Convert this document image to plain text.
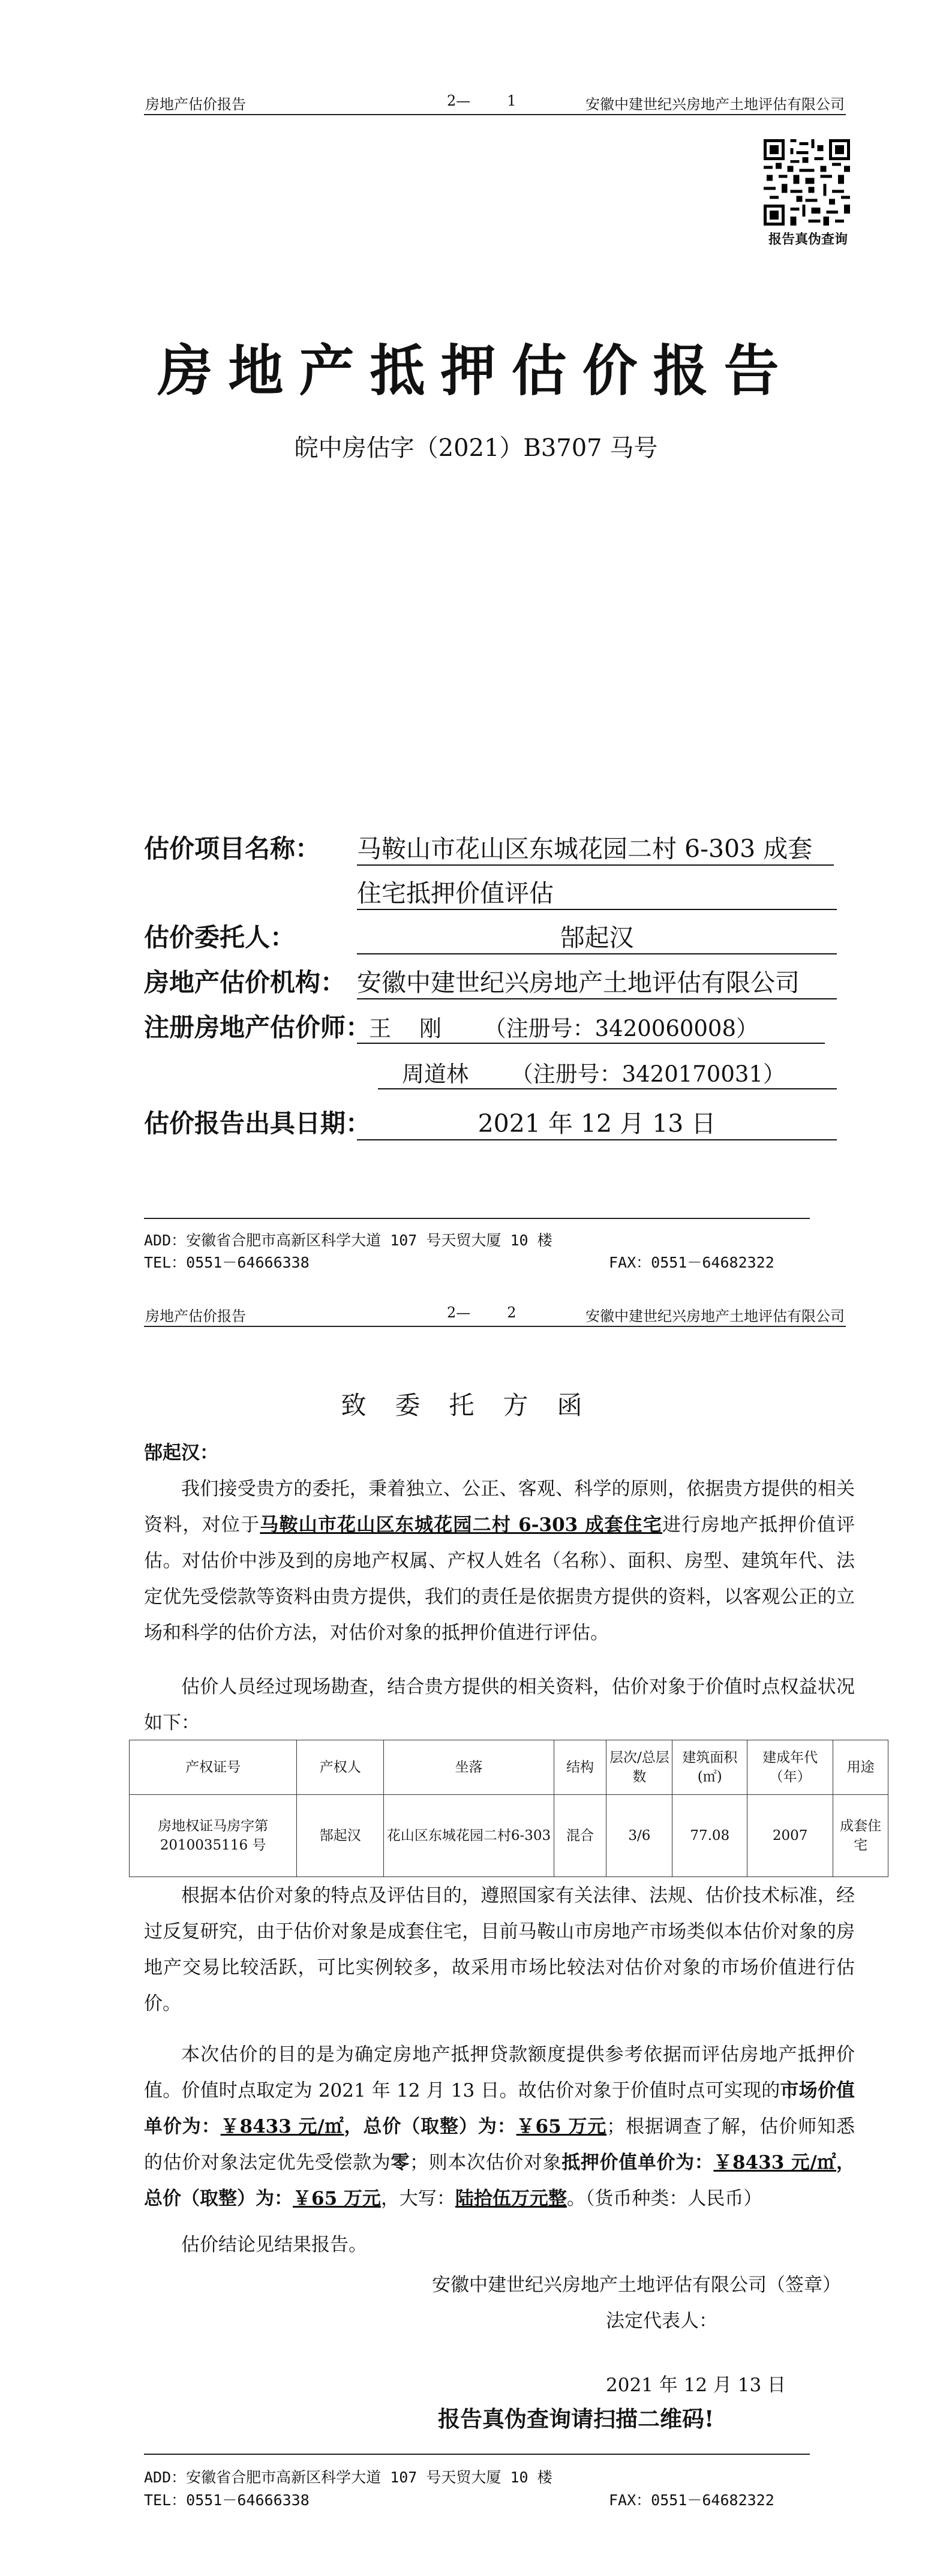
房地产估价报告	2—        1	安徽中建世纪兴房地产土地评估有限公司
报告真伪查询
房地产抵押估价报告
皖中房估字（2021）B3707 马号
估价项目名称：	马鞍山市花山区东城花园二村 6-303 成套
住宅抵押价值评估
估价委托人：	郜起汉
房地产估价机构： 安徽中建世纪兴房地产土地评估有限公司
注册房地产估价师：
王    刚      （注册号：3420060008）
周道林      （注册号：3420170031）
估价报告出具日期：	2021 年 12 月 13 日
ADD：安徽省合肥市高新区科学大道 107 号天贸大厦 10 楼
TEL：0551－64666338	FAX：0551－64682322
房地产估价报告	2—        2	安徽中建世纪兴房地产土地评估有限公司
致委托方函
郜起汉：
我们接受贵方的委托，秉着独立、公正、客观、科学的原则，依据贵方提供的相关资料，对位于马鞍山市花山区东城花园二村 6-303 成套住宅进行房地产抵押价值评估。对估价中涉及到的房地产权属、产权人姓名（名称）、面积、房型、建筑年代、法定优先受偿款等资料由贵方提供，我们的责任是依据贵方提供的资料，以客观公正的立场和科学的估价方法，对估价对象的抵押价值进行评估。
估价人员经过现场勘查，结合贵方提供的相关资料，估价对象于价值时点权益状况如下：
产权证号	产权人	坐落	结构	层次/总层数	建筑面积(㎡)	建成年代（年）	用途
房地权证马房字第2010035116 号	郜起汉	花山区东城花园二村6-303	混合	3/6	77.08	2007	成套住宅
根据本估价对象的特点及评估目的，遵照国家有关法律、法规、估价技术标准，经过反复研究，由于估价对象是成套住宅，目前马鞍山市房地产市场类似本估价对象的房地产交易比较活跃，可比实例较多，故采用市场比较法对估价对象的市场价值进行估价。
本次估价的目的是为确定房地产抵押贷款额度提供参考依据而评估房地产抵押价值。价值时点取定为 2021 年 12 月 13 日。故估价对象于价值时点可实现的市场价值单价为：￥8433 元/㎡，总价（取整）为：￥65 万元；根据调查了解，估价师知悉的估价对象法定优先受偿款为零；则本次估价对象抵押价值单价为：￥8433 元/㎡，总价（取整）为：￥65 万元，大写：陆拾伍万元整。（货币种类：人民币）
估价结论见结果报告。
安徽中建世纪兴房地产土地评估有限公司（签章）
法定代表人：
2021 年 12 月 13 日
报告真伪查询请扫描二维码!
ADD：安徽省合肥市高新区科学大道 107 号天贸大厦 10 楼
TEL：0551－64666338	FAX：0551－64682322
